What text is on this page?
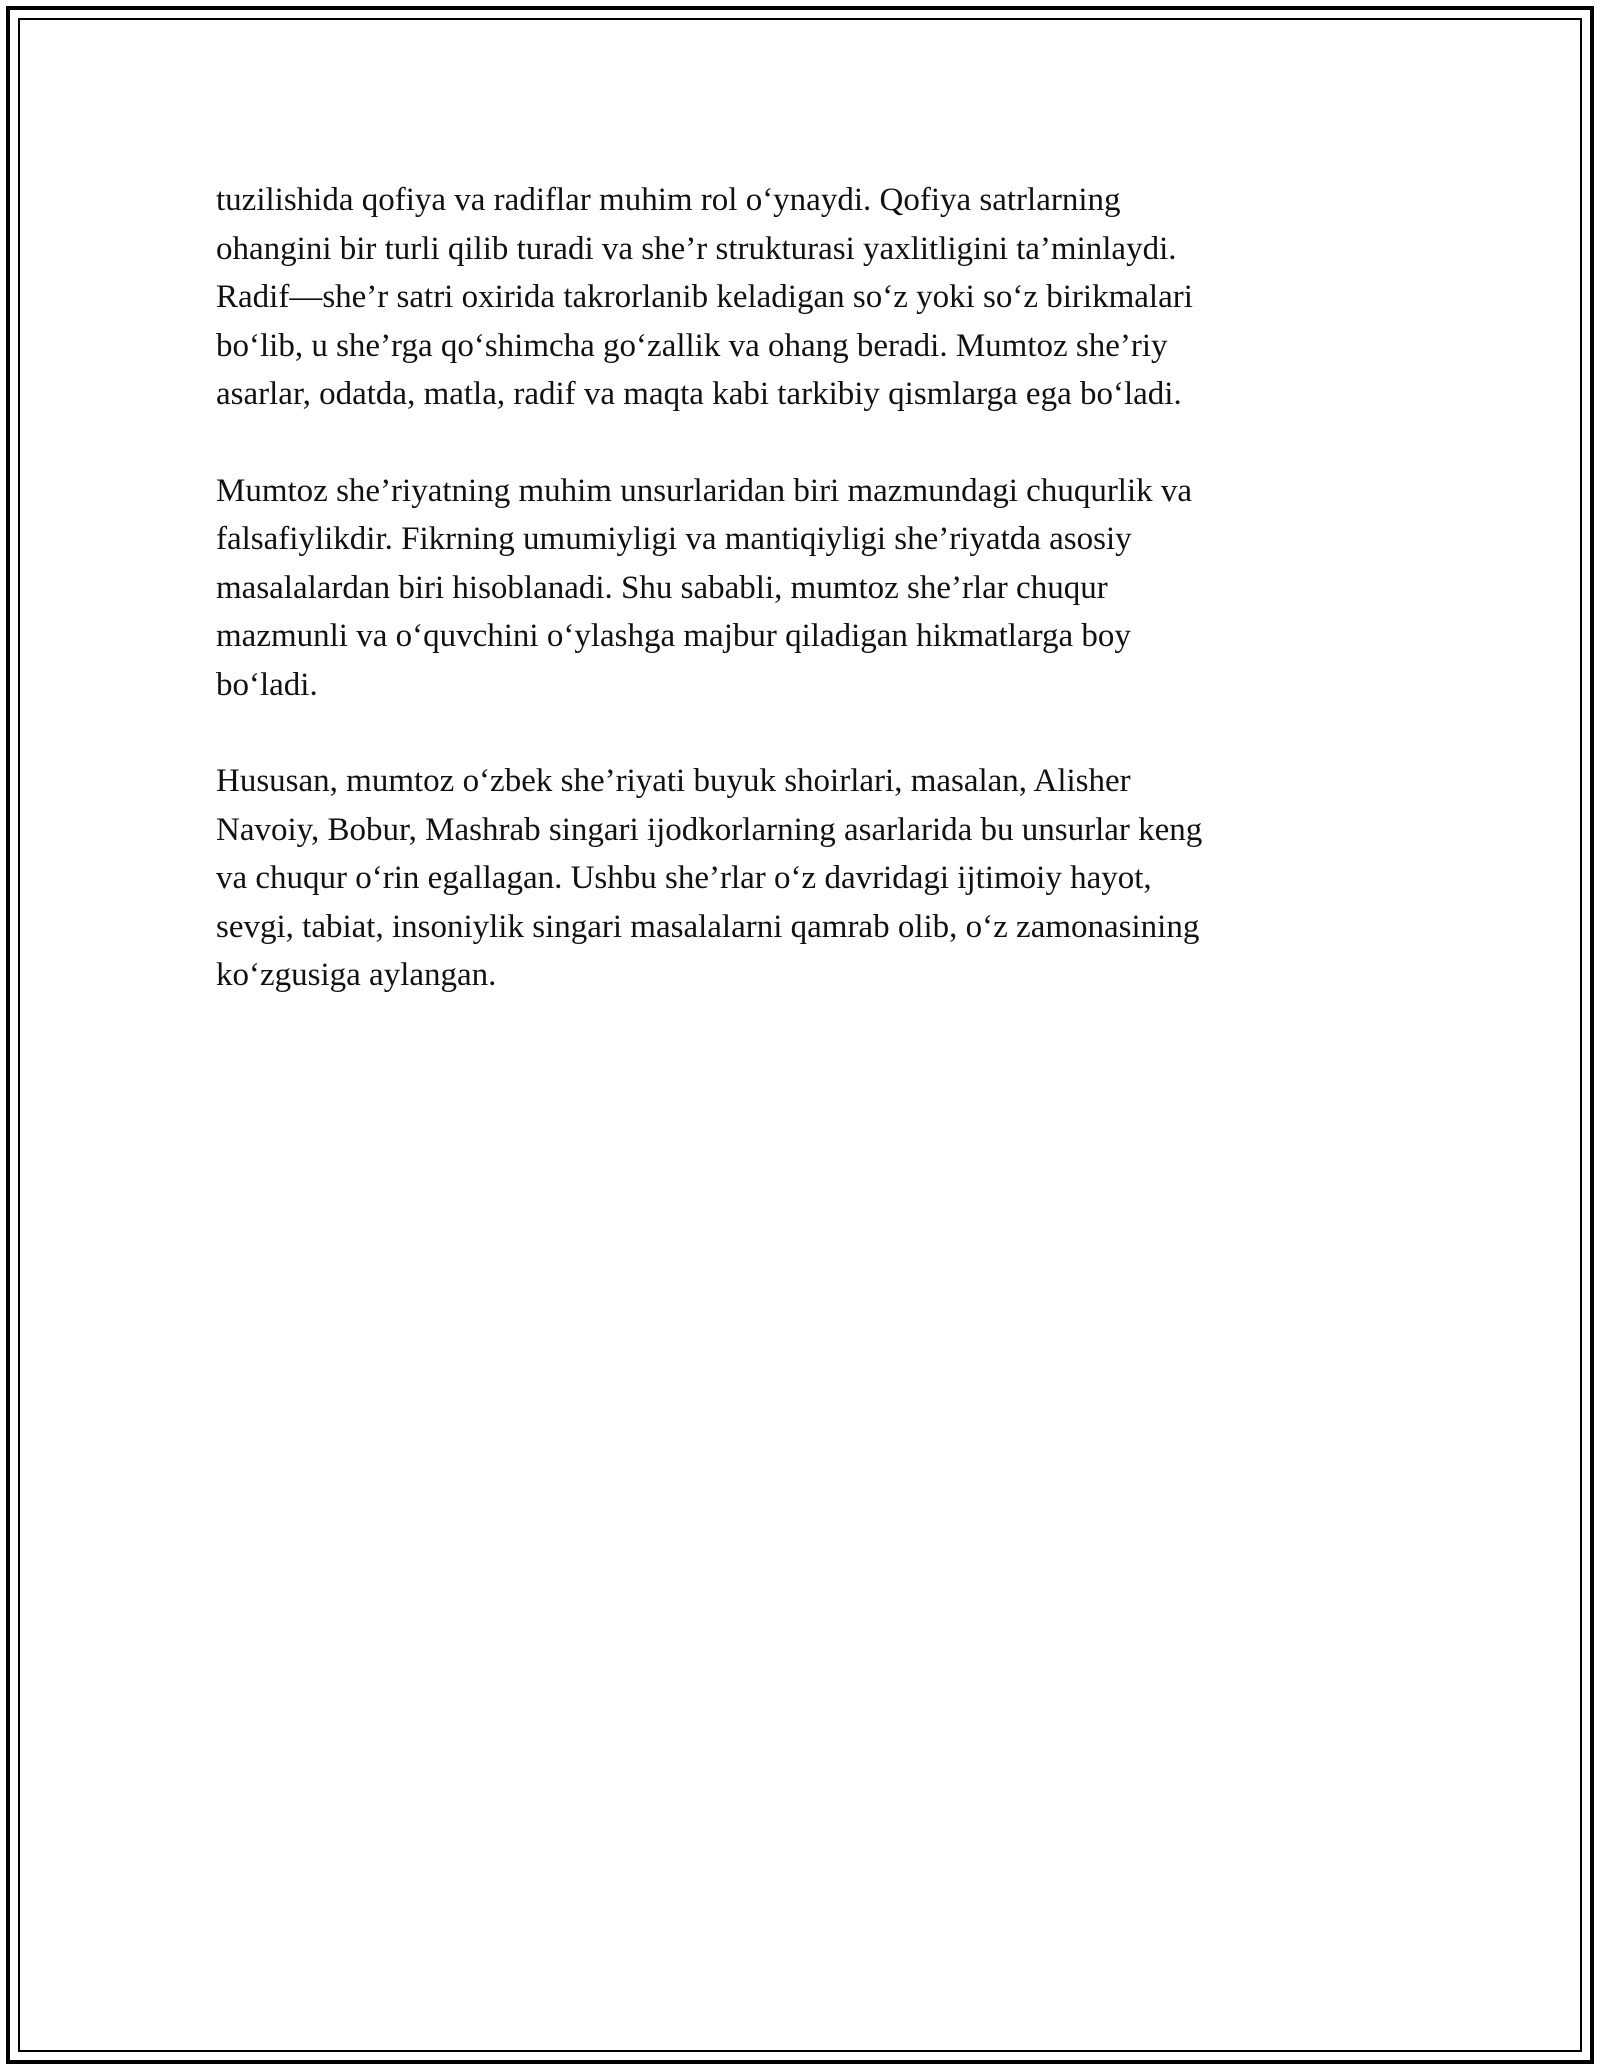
tuzilishida qofiya va radiflar muhim rol o‘ynaydi. Qofiya satrlarning
ohangini bir turli qilib turadi va she’r strukturasi yaxlitligini ta’minlaydi.
Radif—she’r satri oxirida takrorlanib keladigan so‘z yoki so‘z birikmalari
bo‘lib, u she’rga qo‘shimcha go‘zallik va ohang beradi. Mumtoz she’riy
asarlar, odatda, matla, radif va maqta kabi tarkibiy qismlarga ega bo‘ladi.

Mumtoz she’riyatning muhim unsurlaridan biri mazmundagi chuqurlik va
falsafiylikdir. Fikrning umumiyligi va mantiqiyligi she’riyatda asosiy
masalalardan biri hisoblanadi. Shu sababli, mumtoz she’rlar chuqur
mazmunli va o‘quvchini o‘ylashga majbur qiladigan hikmatlarga boy
bo‘ladi.

Hususan, mumtoz o‘zbek she’riyati buyuk shoirlari, masalan, Alisher
Navoiy, Bobur, Mashrab singari ijodkorlarning asarlarida bu unsurlar keng
va chuqur o‘rin egallagan. Ushbu she’rlar o‘z davridagi ijtimoiy hayot,
sevgi, tabiat, insoniylik singari masalalarni qamrab olib, o‘z zamonasining
ko‘zgusiga aylangan.
